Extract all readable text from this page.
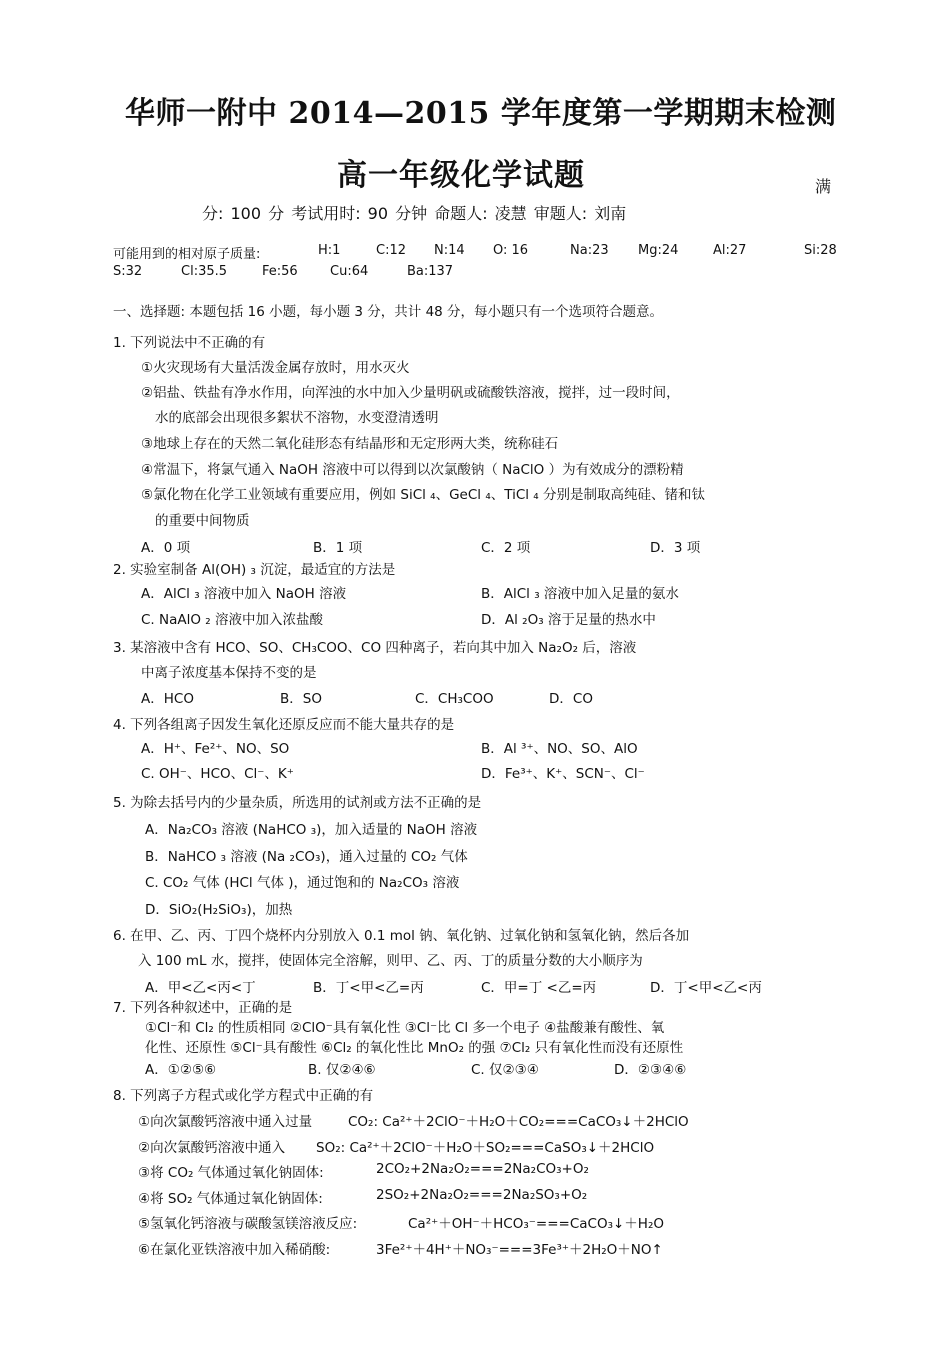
华师一附中 2014—2015 学年度第一学期期末检测
高一年级化学试题	满
分: 100 分 考试用时: 90 分钟 命题人: 凌慧 审题人: 刘南
可能用到的相对原子质量:	H:1	C:12 N:14 O: 16	Na:23 Mg:24	Al:27	Si:28
S:32	Cl:35.5	Fe:56 Cu:64	Ba:137
一、选择题: 本题包括 16 小题，每小题 3 分，共计 48 分，每小题只有一个选项符合题意。
1. 下列说法中不正确的有
①火灾现场有大量活泼金属存放时，用水灭火
②铝盐、铁盐有净水作用，向浑浊的水中加入少量明矾或硫酸铁溶液，搅拌，过一段时间，
水的底部会出现很多絮状不溶物，水变澄清透明
③地球上存在的天然二氧化硅形态有结晶形和无定形两大类，统称硅石
④常温下，将氯气通入 NaOH 溶液中可以得到以次氯酸钠（ NaClO ）为有效成分的漂粉精
⑤氯化物在化学工业领域有重要应用，例如 SiCl ₄、GeCl ₄、TiCl ₄ 分别是制取高纯硅、锗和钛
的重要中间物质
A．0 项	B．1 项	C．2 项	D．3 项
2. 实验室制备 Al(OH) ₃ 沉淀，最适宜的方法是
A．AlCl ₃ 溶液中加入 NaOH 溶液	B．AlCl ₃ 溶液中加入足量的氨水
C. NaAlO ₂ 溶液中加入浓盐酸	D．Al ₂O₃ 溶于足量的热水中
3. 某溶液中含有 HCO、SO、CH₃COO、CO 四种离子，若向其中加入 Na₂O₂ 后，溶液
中离子浓度基本保持不变的是
A．HCO	B．SO	C．CH₃COO	D．CO
4. 下列各组离子因发生氧化还原反应而不能大量共存的是
A．H⁺、Fe²⁺、NO、SO	B．Al ³⁺、NO、SO、AlO
C. OH⁻、HCO、Cl⁻、K⁺	D．Fe³⁺、K⁺、SCN⁻、Cl⁻
5. 为除去括号内的少量杂质，所选用的试剂或方法不正确的是
A．Na₂CO₃ 溶液 (NaHCO ₃)，加入适量的 NaOH 溶液
B．NaHCO ₃ 溶液 (Na ₂CO₃)，通入过量的 CO₂ 气体
C. CO₂ 气体 (HCl 气体 )，通过饱和的 Na₂CO₃ 溶液
D．SiO₂(H₂SiO₃)，加热
6. 在甲、乙、丙、丁四个烧杯内分别放入 0.1 mol 钠、氧化钠、过氧化钠和氢氧化钠，然后各加
入 100 mL 水，搅拌，使固体完全溶解，则甲、乙、丙、丁的质量分数的大小顺序为
A．甲<乙<丙<丁	B．丁<甲<乙=丙	C．甲=丁 <乙=丙	D．丁<甲<乙<丙
7. 下列各种叙述中，正确的是
①Cl⁻和 Cl₂ 的性质相同 ②ClO⁻具有氧化性 ③Cl⁻比 Cl 多一个电子 ④盐酸兼有酸性、氧
化性、还原性 ⑤Cl⁻具有酸性 ⑥Cl₂ 的氧化性比 MnO₂ 的强 ⑦Cl₂ 只有氧化性而没有还原性
A．①②⑤⑥	B. 仅②④⑥	C. 仅②③④	D．②③④⑥
8. 下列离子方程式或化学方程式中正确的有
①向次氯酸钙溶液中通入过量	CO₂: Ca²⁺＋2ClO⁻＋H₂O＋CO₂===CaCO₃↓＋2HClO
②向次氯酸钙溶液中通入 SO₂: Ca²⁺＋2ClO⁻＋H₂O＋SO₂===CaSO₃↓＋2HClO
③将 CO₂ 气体通过氧化钠固体:	2CO₂+2Na₂O₂===2Na₂CO₃+O₂
④将 SO₂ 气体通过氧化钠固体:	2SO₂+2Na₂O₂===2Na₂SO₃+O₂
⑤氢氧化钙溶液与碳酸氢镁溶液反应:	Ca²⁺＋OH⁻＋HCO₃⁻===CaCO₃↓＋H₂O
⑥在氯化亚铁溶液中加入稀硝酸:	3Fe²⁺＋4H⁺＋NO₃⁻===3Fe³⁺＋2H₂O＋NO↑
